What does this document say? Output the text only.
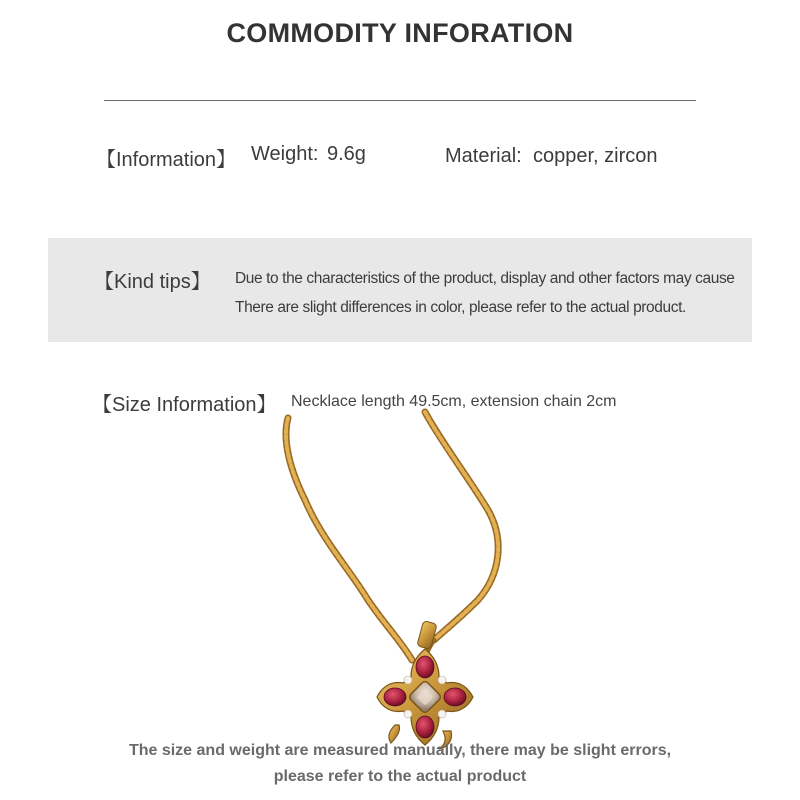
COMMODITY INFORATION
【Information】 Weight: 9.6g	Material: copper, zircon
【Kind tips】 Due to the characteristics of the product, display and other factors may cause
There are slight differences in color, please refer to the actual product.
【Size Information】 Necklace length 49.5cm, extension chain 2cm
The size and weight are measured manually, there may be slight errors,
please refer to the actual product
